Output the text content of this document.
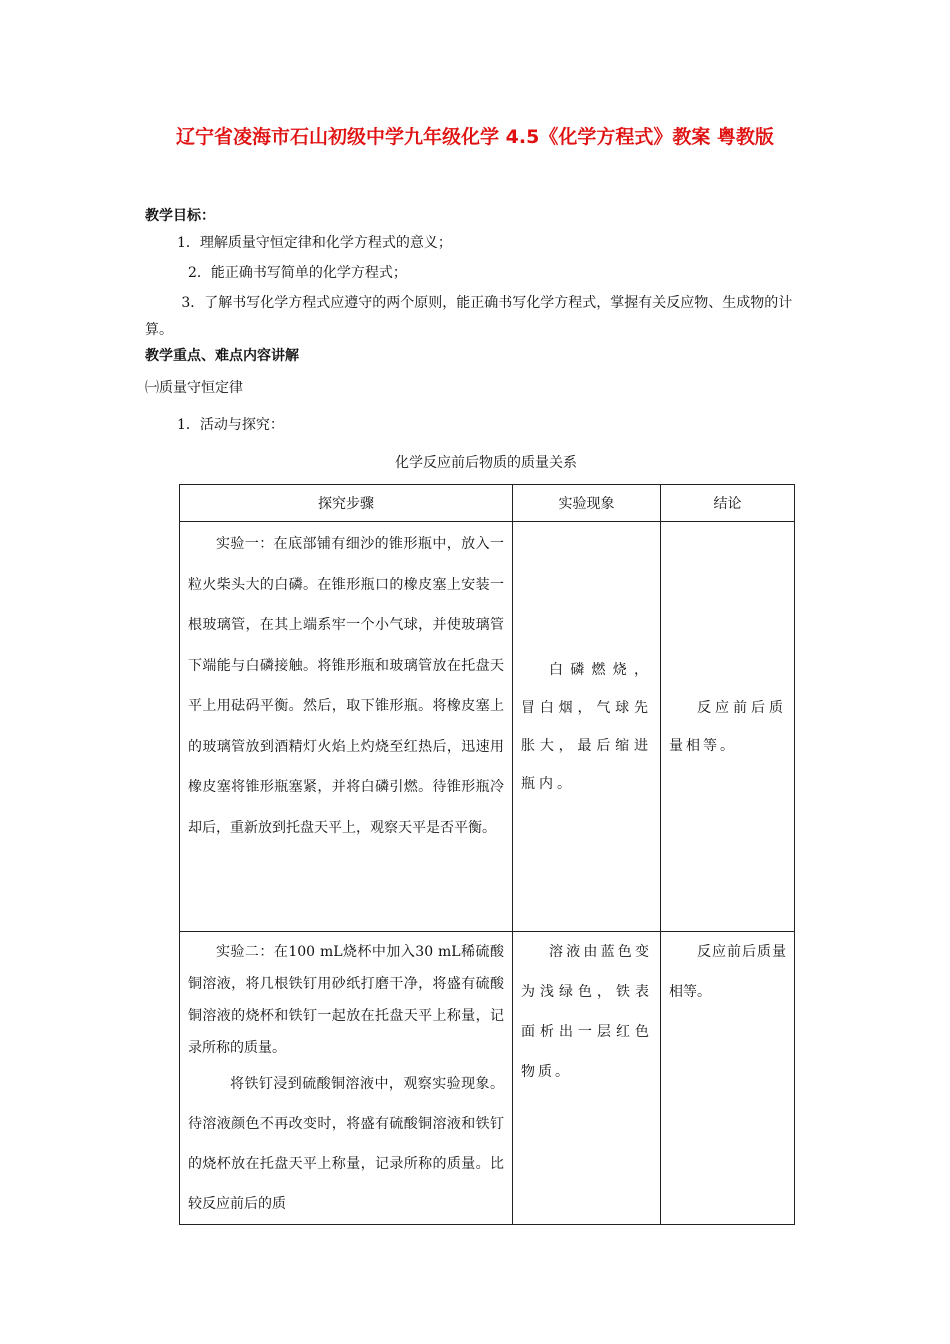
辽宁省凌海市石山初级中学九年级化学 4.5《化学方程式》教案 粤教版
教学目标：
1．理解质量守恒定律和化学方程式的意义；
2．能正确书写简单的化学方程式；
3．了解书写化学方程式应遵守的两个原则，能正确书写化学方程式，掌握有关反应物、生成物的计算。
教学重点、难点内容讲解
㈠质量守恒定律
1．活动与探究：
化学反应前后物质的质量关系
探究步骤	实验现象	结论
实验一：在底部铺有细沙的锥形瓶中，放入一粒火柴头大的白磷。在锥形瓶口的橡皮塞上安装一根玻璃管，在其上端系牢一个小气球，并使玻璃管下端能与白磷接触。将锥形瓶和玻璃管放在托盘天平上用砝码平衡。然后，取下锥形瓶。将橡皮塞上的玻璃管放到酒精灯火焰上灼烧至红热后，迅速用橡皮塞将锥形瓶塞紧，并将白磷引燃。待锥形瓶冷却后，重新放到托盘天平上，观察天平是否平衡。	白磷燃烧，冒白烟，气球先胀大，最后缩进瓶内。	反应前后质量相等。

实验二：在100 mL烧杯中加入30 mL稀硫酸铜溶液，将几根铁钉用砂纸打磨干净，将盛有硫酸铜溶液的烧杯和铁钉一起放在托盘天平上称量，记录所称的质量。
将铁钉浸到硫酸铜溶液中，观察实验现象。待溶液颜色不再改变时，将盛有硫酸铜溶液和铁钉的烧杯放在托盘天平上称量，记录所称的质量。比较反应前后的质	溶液由蓝色变为浅绿色，铁表面析出一层红色物质。	反应前后质量相等。
